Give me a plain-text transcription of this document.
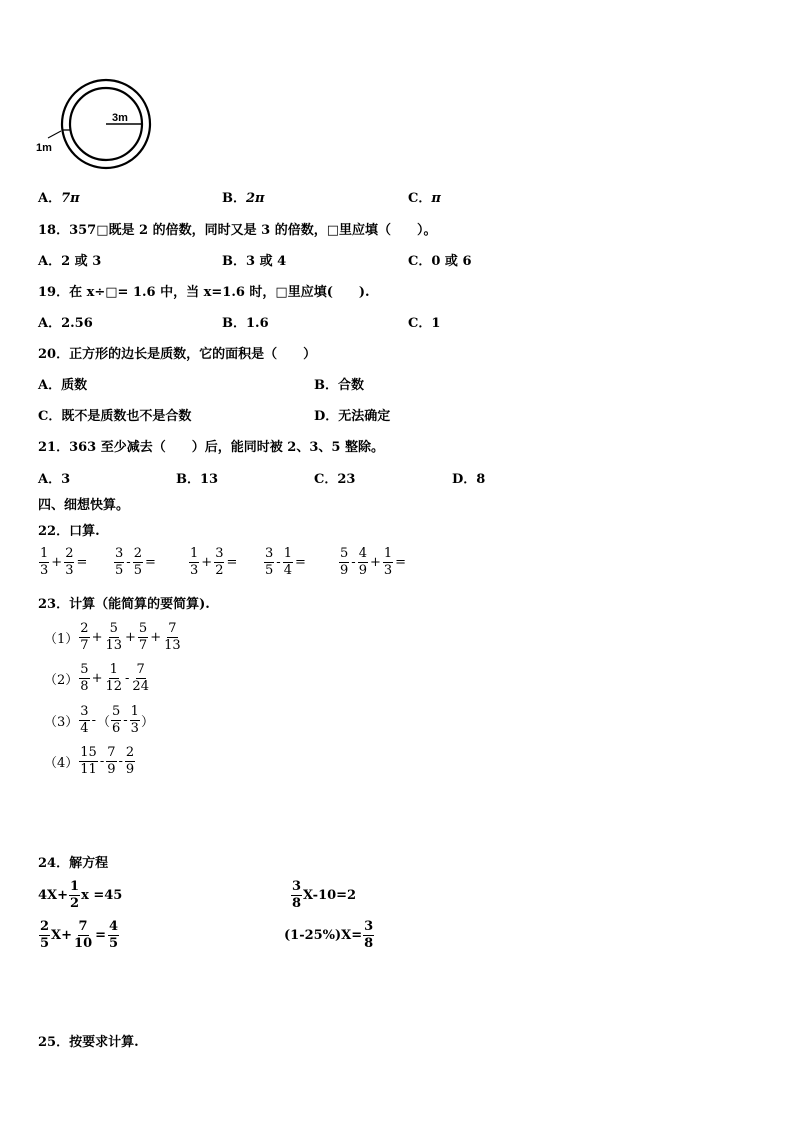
3m
1m
A．7π	B．2π	C．π
18．357□既是 2 的倍数，同时又是 3 的倍数，□里应填（　　）。
A．2 或 3	B．3 或 4	C．0 或 6
19．在 x÷□= 1.6 中，当 x=1.6 时，□里应填(　　).
A．2.56	B．1.6	C．1
20．正方形的边长是质数，它的面积是（　　）
A．质数	B．合数
C．既不是质数也不是合数	D．无法确定
21．363 至少减去（　　）后，能同时被 2、3、5 整除。
A．3	B．13	C．23	D．8
四、细想快算。
22．口算.
$\frac{1}{3} + \frac{2}{3} = \frac{3}{5} - \frac{2}{5}$ =	$\frac{1}{3} + \frac{3}{2} = \frac{3}{5} - \frac{1}{4}$ =	$\frac{5}{9} - \frac{4}{9} + \frac{1}{3}$ =
23．计算（能简算的要简算).
$(1) \frac{2}{7} + \frac{5}{13} + \frac{5}{7} + \frac{7}{13}$
$(2) \frac{5}{8} + \frac{1}{12} - \frac{7}{24}$
$(3) \frac{3}{4}$ - （ $\frac{5}{6} - \frac{1}{3}$ ）
$(4) \frac{15}{11} - \frac{7}{9} - \frac{2}{9}$
24．解方程
$4X+ \frac{1}{2}$ x =45	$\frac{3}{8} X-10=2$
$\frac{2}{5} X+ \frac{7}{10} = \frac{4}{5}$	$(1-25\%)X= \frac{3}{8}$
25．按要求计算.
